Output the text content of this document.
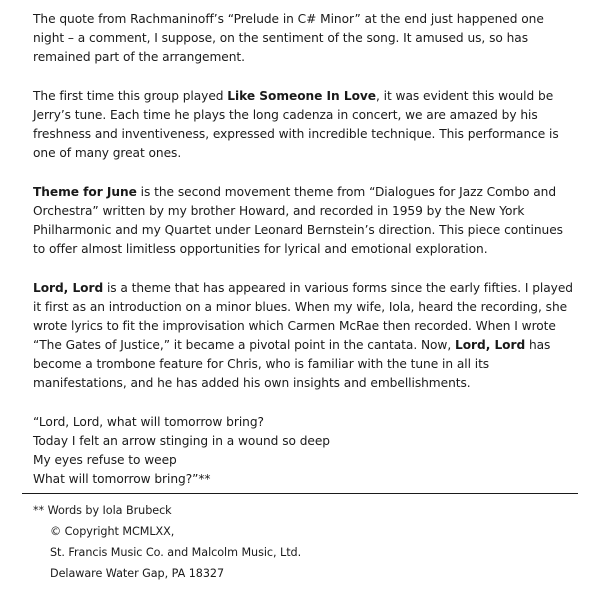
The quote from Rachmaninoff’s “Prelude in C# Minor” at the end just happened one night – a comment, I suppose, on the sentiment of the song. It amused us, so has remained part of the arrangement.

The first time this group played Like Someone In Love, it was evident this would be Jerry’s tune. Each time he plays the long cadenza in concert, we are amazed by his freshness and inventiveness, expressed with incredible technique. This performance is one of many great ones.

Theme for June is the second movement theme from “Dialogues for Jazz Combo and Orchestra” written by my brother Howard, and recorded in 1959 by the New York Philharmonic and my Quartet under Leonard Bernstein’s direction. This piece continues to offer almost limitless opportunities for lyrical and emotional exploration.

Lord, Lord is a theme that has appeared in various forms since the early fifties. I played it first as an introduction on a minor blues. When my wife, Iola, heard the recording, she wrote lyrics to fit the improvisation which Carmen McRae then recorded. When I wrote “The Gates of Justice,” it became a pivotal point in the cantata. Now, Lord, Lord has become a trombone feature for Chris, who is familiar with the tune in all its manifestations, and he has added his own insights and embellishments.

“Lord, Lord, what will tomorrow bring?
Today I felt an arrow stinging in a wound so deep
My eyes refuse to weep
What will tomorrow bring?”**
** Words by Iola Brubeck
© Copyright MCMLXX,
St. Francis Music Co. and Malcolm Music, Ltd.
Delaware Water Gap, PA 18327
